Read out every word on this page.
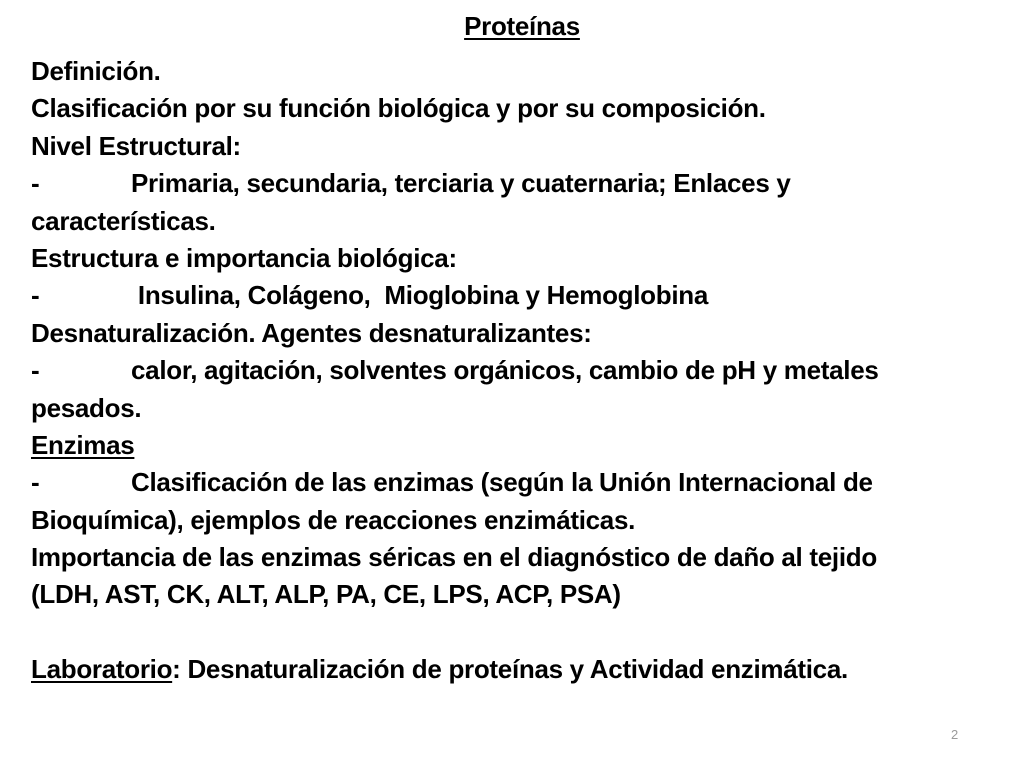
Proteínas
Definición.
Clasificación por su función biológica y por su composición.
Nivel Estructural:
-	Primaria, secundaria, terciaria y cuaternaria; Enlaces y
características.
Estructura e importancia biológica:
-	Insulina, Colágeno,  Mioglobina y Hemoglobina
Desnaturalización. Agentes desnaturalizantes:
-	calor, agitación, solventes orgánicos, cambio de pH y metales
pesados.
Enzimas
-	Clasificación de las enzimas (según la Unión Internacional de
Bioquímica), ejemplos de reacciones enzimáticas.
Importancia de las enzimas séricas en el diagnóstico de daño al tejido
(LDH, AST, CK, ALT, ALP, PA, CE, LPS, ACP, PSA)
Laboratorio: Desnaturalización de proteínas y Actividad enzimática.
2
